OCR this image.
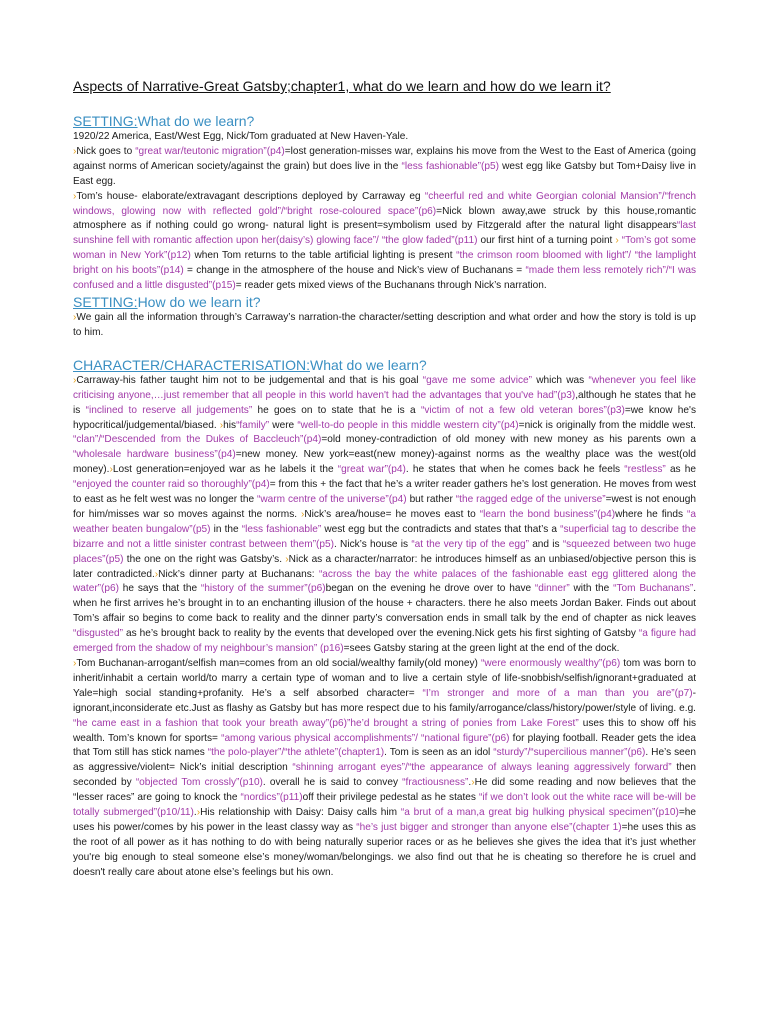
Aspects of Narrative-Great Gatsby;chapter1, what do we learn and how do we learn it?
SETTING:What do we learn?

1920/22 America, East/West Egg, Nick/Tom graduated at New Haven-Yale.

›Nick goes to “great war/teutonic migration”(p4)=lost generation-misses war, explains his move from the West to the East of America (going against norms of American society/against the grain) but does live in the “less fashionable”(p5) west egg like Gatsby but Tom+Daisy live in East egg.

›Tom’s house- elaborate/extravagant descriptions deployed by Carraway eg “cheerful red and white Georgian colonial Mansion”/“french windows, glowing now with reflected gold”/“bright rose-coloured space”(p6)=Nick blown away,awe struck by this house,romantic atmosphere as if nothing could go wrong- natural light is present=symbolism used by Fitzgerald after the natural light disappears“last sunshine fell with romantic affection upon her(daisy’s) glowing face”/ “the glow faded”(p11) our first hint of a turning point › “Tom’s got some woman in New York”(p12) when Tom returns to the table artificial lighting is present “the crimson room bloomed with light”/ “the lamplight bright on his boots”(p14) = change in the atmosphere of the house and Nick’s view of Buchanans = “made them less remotely rich”/“I was confused and a little disgusted”(p15)= reader gets mixed views of the Buchanans through Nick’s narration.

SETTING:How do we learn it?

›We gain all the information through’s Carraway’s narration-the character/setting description and what order and how the story is told is up to him.

CHARACTER/CHARACTERISATION:What do we learn?

›Carraway-his father taught him not to be judgemental and that is his goal “gave me some advice” which was “whenever you feel like criticising anyone,…just remember that all people in this world haven't had the advantages that you've had”(p3),although he states that he is “inclined to reserve all judgements” he goes on to state that he is a “victim of not a few old veteran bores”(p3)=we know he's hypocritical/judgemental/biased. ›his“family” were “well-to-do people in this middle western city”(p4)=nick is originally from the middle west. “clan”/“Descended from the Dukes of Baccleuch”(p4)=old money-contradiction of old money with new money as his parents own a “wholesale hardware business”(p4)=new money. New york=east(new money)-against norms as the wealthy place was the west(old money).›Lost generation=enjoyed war as he labels it the “great war”(p4). he states that when he comes back he feels “restless” as he “enjoyed the counter raid so thoroughly”(p4)= from this + the fact that he’s a writer reader gathers he’s lost generation. He moves from west to east as he felt west was no longer the “warm centre of the universe”(p4) but rather “the ragged edge of the universe”=west is not enough for him/misses war so moves against the norms. ›Nick’s area/house= he moves east to “learn the bond business”(p4)where he finds “a weather beaten bungalow”(p5) in the “less fashionable” west egg but the contradicts and states that that’s a “superficial tag to describe the bizarre and not a little sinister contrast between them”(p5). Nick’s house is “at the very tip of the egg” and is “squeezed between two huge places”(p5) the one on the right was Gatsby’s. ›Nick as a character/narrator: he introduces himself as an unbiased/objective person this is later contradicted.›Nick’s dinner party at Buchanans: “across the bay the white palaces of the fashionable east egg glittered along the water”(p6) he says that the “history of the summer”(p6)began on the evening he drove over to have “dinner” with the “Tom Buchanans”. when he first arrives he’s brought in to an enchanting illusion of the house + characters. there he also meets Jordan Baker. Finds out about Tom’s affair so begins to come back to reality and the dinner party’s conversation ends in small talk by the end of chapter as nick leaves “disgusted” as he’s brought back to reality by the events that developed over the evening.Nick gets his first sighting of Gatsby “a figure had emerged from the shadow of my neighbour’s mansion” (p16)=sees Gatsby staring at the green light at the end of the dock.

›Tom Buchanan-arrogant/selfish man=comes from an old social/wealthy family(old money) “were enormously wealthy”(p6) tom was born to inherit/inhabit a certain world/to marry a certain type of woman and to live a certain style of life-snobbish/selfish/ignorant+graduated at Yale=high social standing+profanity. He’s a self absorbed character= “I’m stronger and more of a man than you are”(p7)-ignorant,inconsiderate etc.Just as flashy as Gatsby but has more respect due to his family/arrogance/class/history/power/style of living. e.g. “he came east in a fashion that took your breath away”(p6)”he’d brought a string of ponies from Lake Forest” uses this to show off his wealth. Tom’s known for sports= “among various physical accomplishments”/ “national figure”(p6) for playing football. Reader gets the idea that Tom still has stick names “the polo-player”/“the athlete”(chapter1). Tom is seen as an idol “sturdy”/“supercilious manner”(p6). He’s seen as aggressive/violent= Nick’s initial description “shinning arrogant eyes”/“the appearance of always leaning aggressively forward” then seconded by “objected Tom crossly”(p10). overall he is said to convey “fractiousness”.›He did some reading and now believes that the “lesser races” are going to knock the “nordics”(p11)off their privilege pedestal as he states “if we don’t look out the white race will be-will be totally submerged”(p10/11).›His relationship with Daisy: Daisy calls him “a brut of a man,a great big hulking physical specimen”(p10)=he uses his power/comes by his power in the least classy way as “he’s just bigger and stronger than anyone else”(chapter 1)=he uses this as the root of all power as it has nothing to do with being naturally superior races or as he believes she gives the idea that it’s just whether you're big enough to steal someone else’s money/woman/belongings. we also find out that he is cheating so therefore he is cruel and doesn't really care about atone else’s feelings but his own.
